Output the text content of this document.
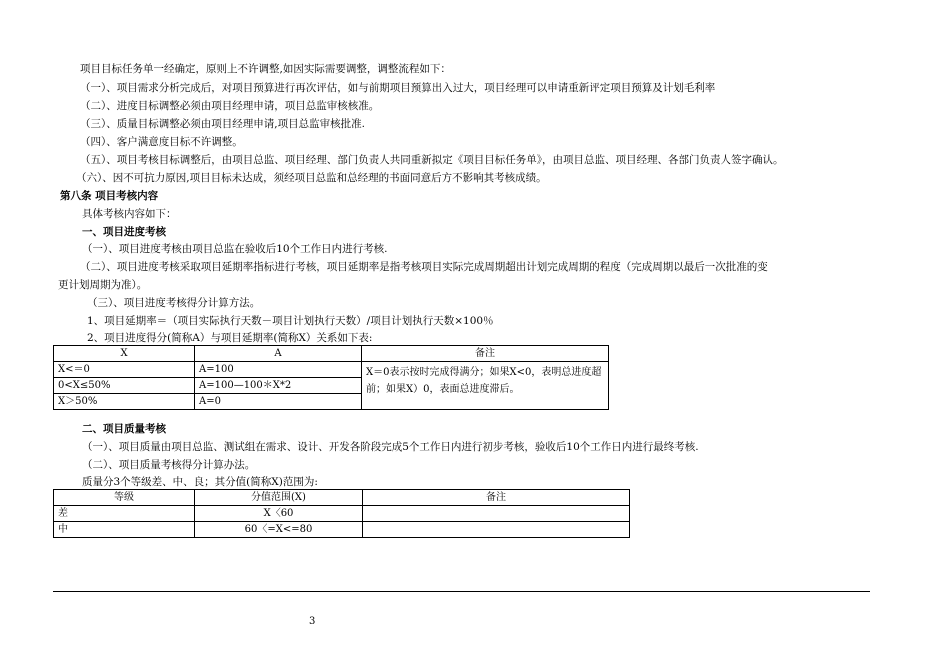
项目目标任务单一经确定，原则上不许调整,如因实际需要调整，调整流程如下：
（一）、项目需求分析完成后，对项目预算进行再次评估，如与前期项目预算出入过大，项目经理可以申请重新评定项目预算及计划毛利率
（二）、进度目标调整必须由项目经理申请，项目总监审核核准。
（三）、质量目标调整必须由项目经理申请,项目总监审核批准.
（四）、客户满意度目标不许调整。
（五）、项目考核目标调整后，由项目总监、项目经理、部门负责人共同重新拟定《项目目标任务单》，由项目总监、项目经理、各部门负责人签字确认。
（六）、因不可抗力原因,项目目标未达成，须经项目总监和总经理的书面同意后方不影响其考核成绩。
第八条 项目考核内容
具体考核内容如下：
一、项目进度考核
（一）、项目进度考核由项目总监在验收后10个工作日内进行考核.
（二）、项目进度考核采取项目延期率指标进行考核，项目延期率是指考核项目实际完成周期超出计划完成周期的程度（完成周期以最后一次批准的变
更计划周期为准）。
（三）、项目进度考核得分计算方法。
1、项目延期率＝（项目实际执行天数－项目计划执行天数）/项目计划执行天数×100％
2、项目进度得分(简称A）与项目延期率(简称X）关系如下表:
X	A	备注
X<＝0	A=100	X＝0表示按时完成得满分；如果X<0，表明总进度超前；如果X）0，表面总进度滞后。
0<X≤50%	A=100—100＊X*2	
X＞50%	A=0	
二、项目质量考核
（一）、项目质量由项目总监、测试组在需求、设计、开发各阶段完成5个工作日内进行初步考核，验收后10个工作日内进行最终考核.
（二）、项目质量考核得分计算办法。
质量分3个等级差、中、良；其分值(简称X)范围为:
等级	分值范围(X)	备注
差	X〈60	
中	60〈=X<=80	
3
